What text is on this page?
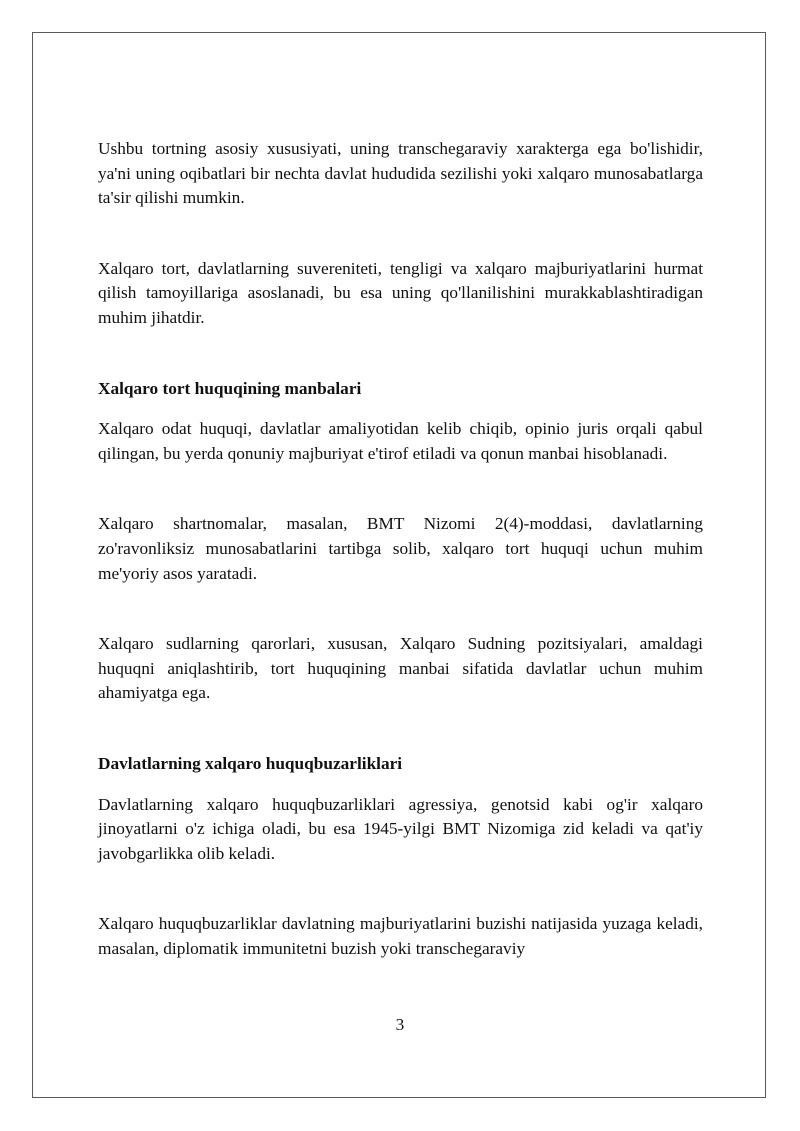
Ushbu tortning asosiy xususiyati, uning transchegaraviy xarakterga ega bo'lishidir, ya'ni uning oqibatlari bir nechta davlat hududida sezilishi yoki xalqaro munosabatlarga ta'sir qilishi mumkin.

Xalqaro tort, davlatlarning suvereniteti, tengligi va xalqaro majburiyatlarini hurmat qilish tamoyillariga asoslanadi, bu esa uning qo'llanilishini murakkablashtiradigan muhim jihatdir.

Xalqaro tort huquqining manbalari

Xalqaro odat huquqi, davlatlar amaliyotidan kelib chiqib, opinio juris orqali qabul qilingan, bu yerda qonuniy majburiyat e'tirof etiladi va qonun manbai hisoblanadi.

Xalqaro shartnomalar, masalan, BMT Nizomi 2(4)-moddasi, davlatlarning zo'ravonliksiz munosabatlarini tartibga solib, xalqaro tort huquqi uchun muhim me'yoriy asos yaratadi.

Xalqaro sudlarning qarorlari, xususan, Xalqaro Sudning pozitsiyalari, amaldagi huquqni aniqlashtirib, tort huquqining manbai sifatida davlatlar uchun muhim ahamiyatga ega.

Davlatlarning xalqaro huquqbuzarliklari

Davlatlarning xalqaro huquqbuzarliklari agressiya, genotsid kabi og'ir xalqaro jinoyatlarni o'z ichiga oladi, bu esa 1945-yilgi BMT Nizomiga zid keladi va qat'iy javobgarlikka olib keladi.

Xalqaro huquqbuzarliklar davlatning majburiyatlarini buzishi natijasida yuzaga keladi, masalan, diplomatik immunitetni buzish yoki transchegaraviy

3
